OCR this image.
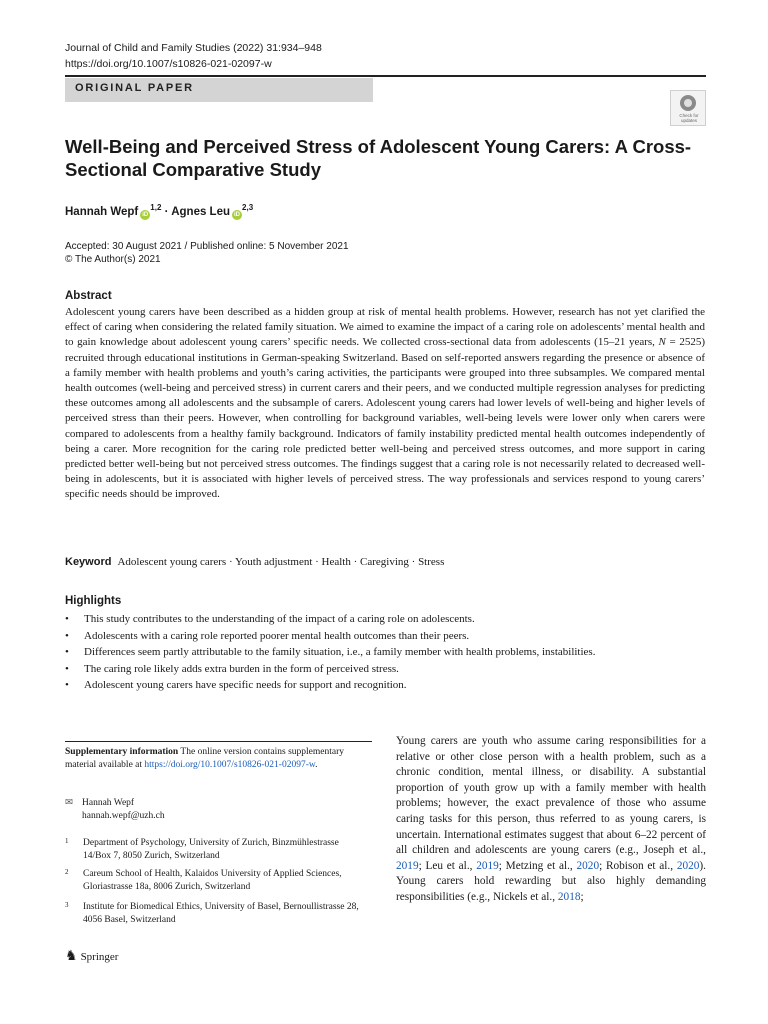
Journal of Child and Family Studies (2022) 31:934–948
https://doi.org/10.1007/s10826-021-02097-w
ORIGINAL PAPER
Check for updates
Well-Being and Perceived Stress of Adolescent Young Carers: A Cross-Sectional Comparative Study
Hannah Wepf iD$^{1,2}$ · Agnes Leu iD$^{2,3}$
Accepted: 30 August 2021 / Published online: 5 November 2021
© The Author(s) 2021
Abstract

Adolescent young carers have been described as a hidden group at risk of mental health problems. However, research has not yet clarified the effect of caring when considering the related family situation. We aimed to examine the impact of a caring role on adolescents’ mental health and to gain knowledge about adolescent young carers’ specific needs. We collected cross-sectional data from adolescents (15–21 years, N = 2525) recruited through educational institutions in German-speaking Switzerland. Based on self-reported answers regarding the presence or absence of a family member with health problems and youth’s caring activities, the participants were grouped into three subsamples. We compared mental health outcomes (well-being and perceived stress) in current carers and their peers, and we conducted multiple regression analyses for predicting these outcomes among all adolescents and the subsample of carers. Adolescent young carers had lower levels of well-being and higher levels of perceived stress than their peers. However, when controlling for background variables, well-being levels were lower only when carers were compared to adolescents from a healthy family background. Indicators of family instability predicted mental health outcomes independently of being a carer. More recognition for the caring role predicted better well-being and perceived stress outcomes, and more support in caring predicted better well-being but not perceived stress outcomes. The findings suggest that a caring role is not necessarily related to decreased well-being in adolescents, but it is associated with higher levels of perceived stress. The way professionals and services respond to young carers’ specific needs should be improved.

Keyword Adolescent young carers · Youth adjustment · Health · Caregiving · Stress
Highlights
• This study contributes to the understanding of the impact of a caring role on adolescents.
• Adolescents with a caring role reported poorer mental health outcomes than their peers.
• Differences seem partly attributable to the family situation, i.e., a family member with health problems, instabilities.
• The caring role likely adds extra burden in the form of perceived stress.
• Adolescent young carers have specific needs for support and recognition.

Supplementary information The online version contains supplementary material available at https://doi.org/10.1007/s10826-021-02097-w.

✉ Hannah Wepf
hannah.wepf@uzh.ch
1	Department of Psychology, University of Zurich, Binzmühlestrasse 14/Box 7, 8050 Zurich, Switzerland
2	Careum School of Health, Kalaidos University of Applied Sciences, Gloriastrasse 18a, 8006 Zurich, Switzerland
3	Institute for Biomedical Ethics, University of Basel, Bernoullistrasse 28, 4056 Basel, Switzerland

Young carers are youth who assume caring responsibilities for a relative or other close person with a health problem, such as a chronic condition, mental illness, or disability. A substantial proportion of youth grow up with a family member with health problems; however, the exact prevalence of those who assume caring tasks for this person, thus referred to as young carers, is uncertain. International estimates suggest that about 6–22 percent of all children and adolescents are young carers (e.g., Joseph et al., 2019; Leu et al., 2019; Metzing et al., 2020; Robison et al., 2020). Young carers hold rewarding but also highly demanding responsibilities (e.g., Nickels et al., 2018;

♞ Springer
